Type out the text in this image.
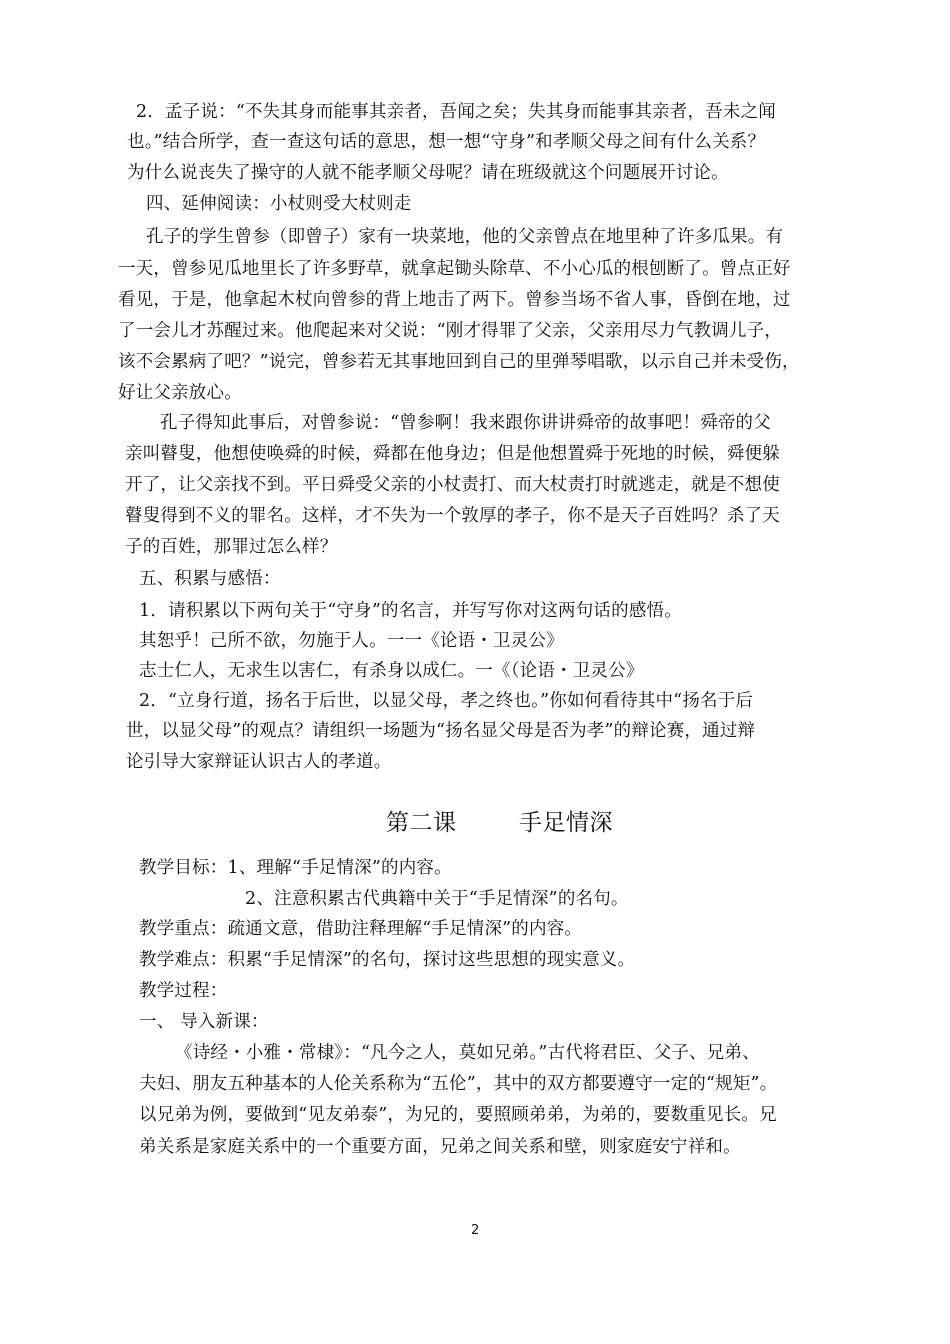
2．孟子说：“不失其身而能事其亲者，吾闻之矣；失其身而能事其亲者，吾未之闻
也。”结合所学，查一查这句话的意思，想一想“守身”和孝顺父母之间有什么关系？
为什么说丧失了操守的人就不能孝顺父母呢？请在班级就这个问题展开讨论。
四、延伸阅读：小杖则受大杖则走
孔子的学生曾参（即曾子）家有一块菜地，他的父亲曾点在地里种了许多瓜果。有
一天，曾参见瓜地里长了许多野草，就拿起锄头除草、不小心瓜的根刨断了。曾点正好
看见，于是，他拿起木杖向曾参的背上地击了两下。曾参当场不省人事，昏倒在地，过
了一会儿才苏醒过来。他爬起来对父说：“刚才得罪了父亲，父亲用尽力气教调儿子，
该不会累病了吧？”说完，曾参若无其事地回到自己的里弹琴唱歌，以示自己并未受伤，
好让父亲放心。
孔子得知此事后，对曾参说：“曾参啊！我来跟你讲讲舜帝的故事吧！舜帝的父
亲叫瞽叟，他想使唤舜的时候，舜都在他身边；但是他想置舜于死地的时候，舜便躲
开了，让父亲找不到。平日舜受父亲的小杖责打、而大杖责打时就逃走，就是不想使
瞽叟得到不义的罪名。这样，才不失为一个敦厚的孝子，你不是天子百姓吗？杀了天
子的百姓，那罪过怎么样？
五、积累与感悟：
1．请积累以下两句关于“守身”的名言，并写写你对这两句话的感悟。
其恕乎！己所不欲，勿施于人。一一《论语・卫灵公》
志士仁人，无求生以害仁，有杀身以成仁。一《（论语・卫灵公》
2．“立身行道，扬名于后世，以显父母，孝之终也。”你如何看待其中“扬名于后
世，以显父母”的观点？请组织一场题为“扬名显父母是否为孝”的辩论赛，通过辩
论引导大家辩证认识古人的孝道。
第二课        手足情深
教学目标：1、理解“手足情深”的内容。
2、注意积累古代典籍中关于“手足情深”的名句。
教学重点：疏通文意，借助注释理解“手足情深”的内容。
教学难点：积累“手足情深”的名句，探讨这些思想的现实意义。
教学过程：
一、 导入新课：
《诗经・小雅・常棣》：“凡今之人，莫如兄弟。”古代将君臣、父子、兄弟、
夫妇、朋友五种基本的人伦关系称为“五伦”，其中的双方都要遵守一定的“规矩”。
以兄弟为例，要做到“见友弟泰”，为兄的，要照顾弟弟，为弟的，要数重见长。兄
弟关系是家庭关系中的一个重要方面，兄弟之间关系和壁，则家庭安宁祥和。
2
